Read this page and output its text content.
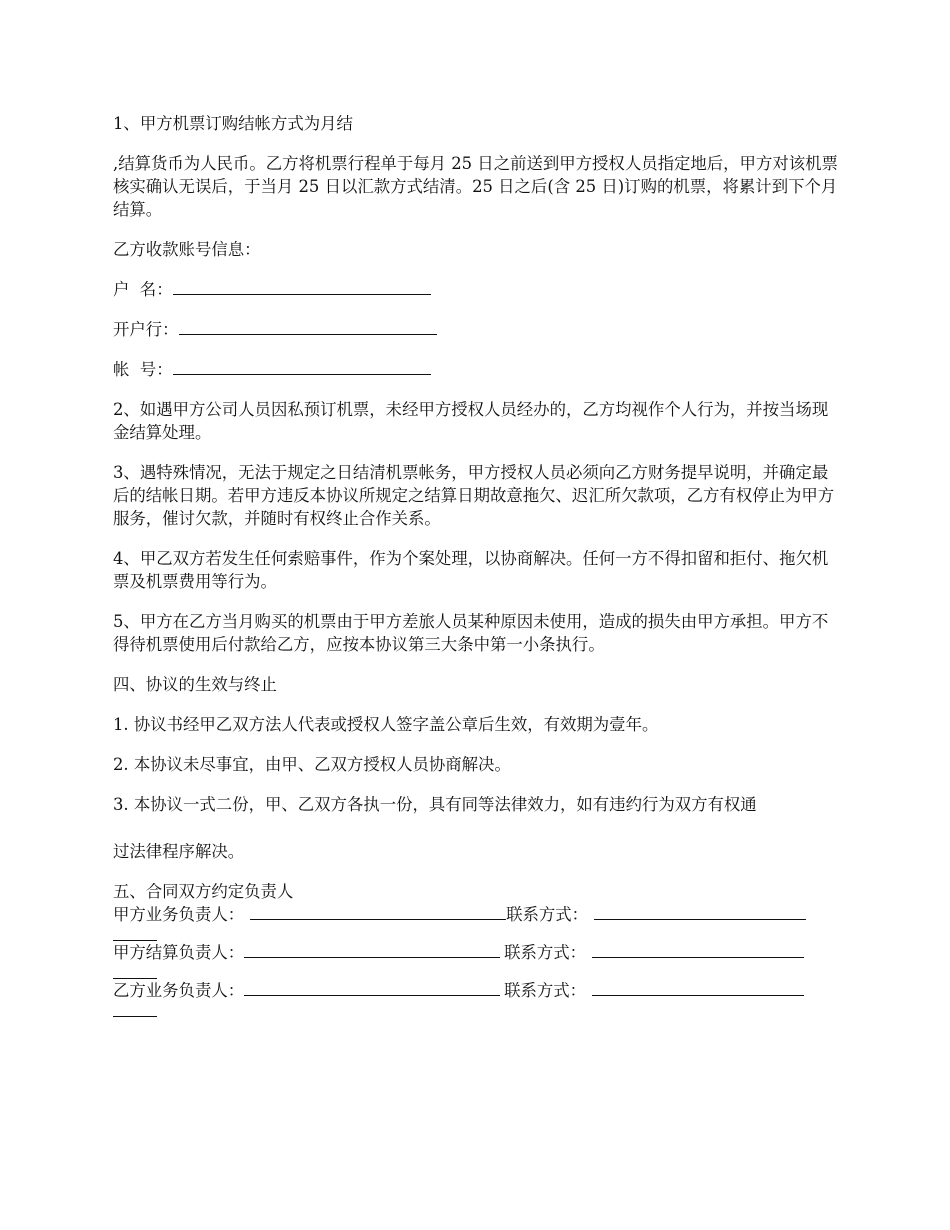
1、甲方机票订购结帐方式为月结

,结算货币为人民币。乙方将机票行程单于每月 25 日之前送到甲方授权人员指定地后，甲方对该机票核实确认无误后，于当月 25 日以汇款方式结清。25 日之后(含 25 日)订购的机票，将累计到下个月结算。

乙方收款账号信息：

户  名：

开户行：

帐  号：

2、如遇甲方公司人员因私预订机票，未经甲方授权人员经办的，乙方均视作个人行为，并按当场现金结算处理。

3、遇特殊情况，无法于规定之日结清机票帐务，甲方授权人员必须向乙方财务提早说明，并确定最后的结帐日期。若甲方违反本协议所规定之结算日期故意拖欠、迟汇所欠款项，乙方有权停止为甲方服务，催讨欠款，并随时有权终止合作关系。

4、甲乙双方若发生任何索赔事件，作为个案处理，以协商解决。任何一方不得扣留和拒付、拖欠机票及机票费用等行为。

5、甲方在乙方当月购买的机票由于甲方差旅人员某种原因未使用，造成的损失由甲方承担。甲方不得待机票使用后付款给乙方，应按本协议第三大条中第一小条执行。

四、协议的生效与终止

1. 协议书经甲乙双方法人代表或授权人签字盖公章后生效，有效期为壹年。

2. 本协议未尽事宜，由甲、乙双方授权人员协商解决。

3. 本协议一式二份，甲、乙双方各执一份，具有同等法律效力，如有违约行为双方有权通

过法律程序解决。

五、合同双方约定负责人

甲方业务负责人：	联系方式：
甲方结算负责人：	联系方式：
乙方业务负责人：	联系方式：
